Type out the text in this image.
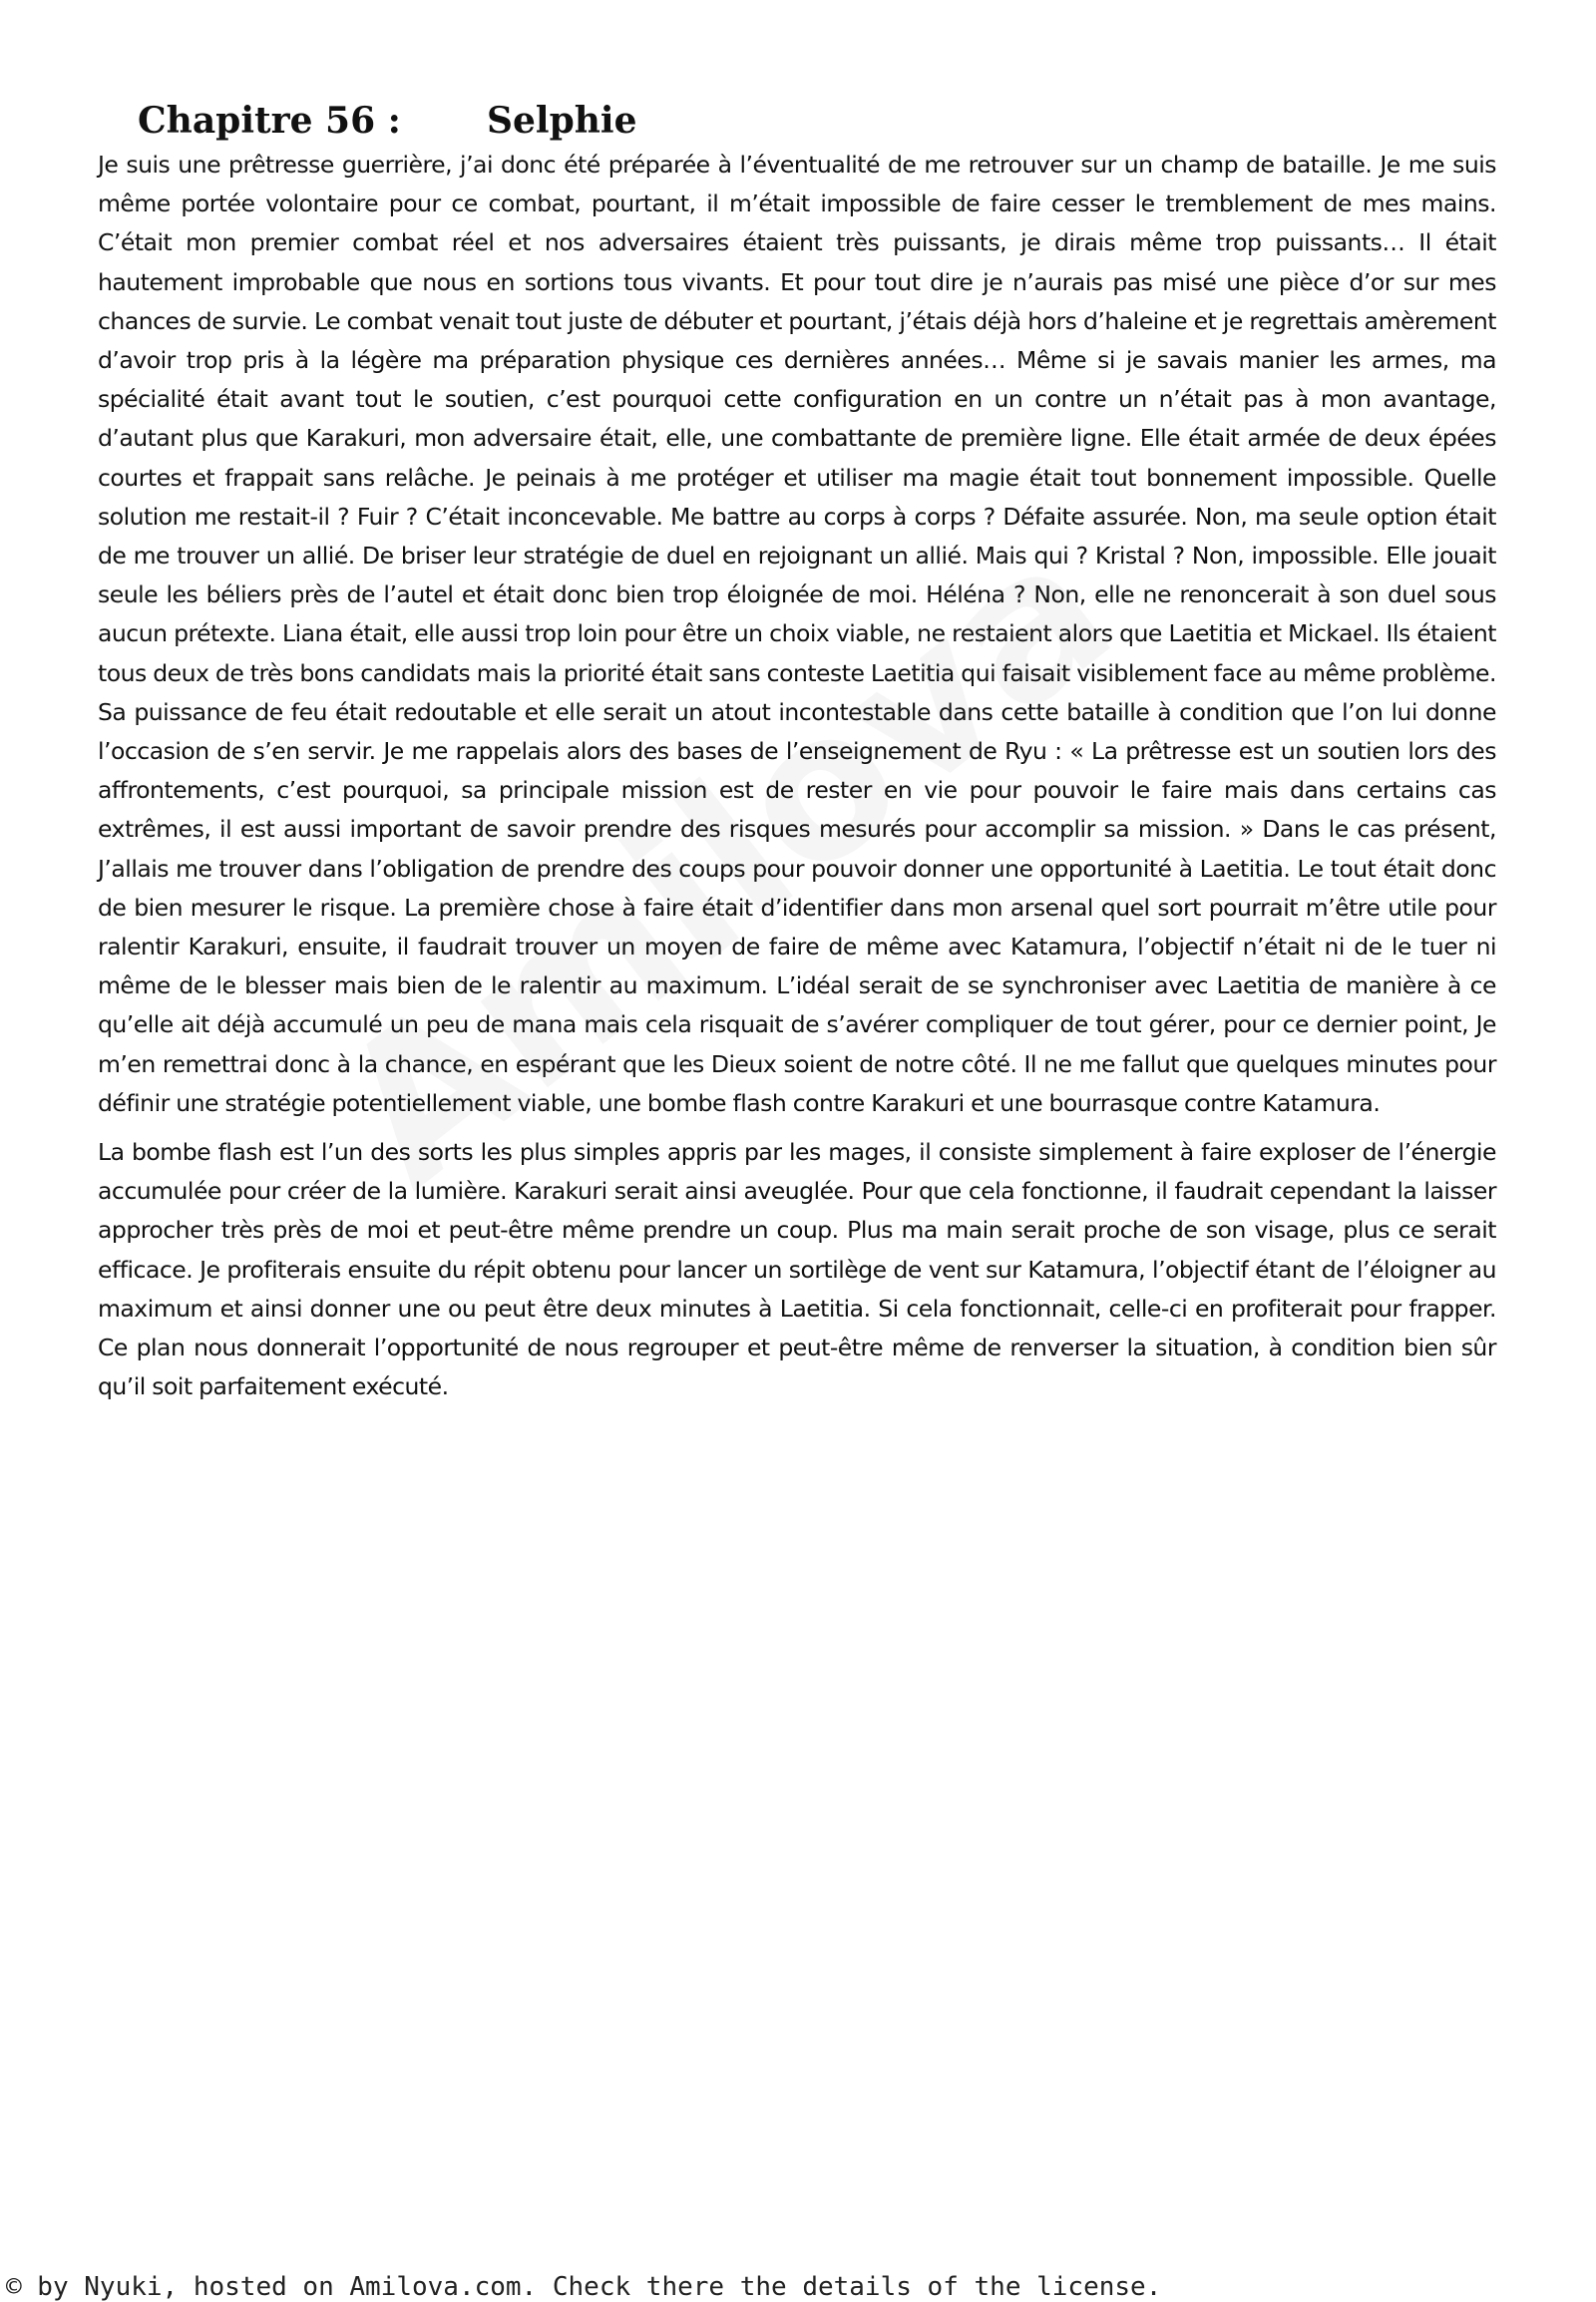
Chapitre 56 : Selphie

Je suis une prêtresse guerrière, j’ai donc été préparée à l’éventualité de me retrouver sur un champ de bataille. Je me suis même portée volontaire pour ce combat, pourtant, il m’était impossible de faire cesser le tremblement de mes mains. C’était mon premier combat réel et nos adversaires étaient très puissants, je dirais même trop puissants… Il était hautement improbable que nous en sortions tous vivants. Et pour tout dire je n’aurais pas misé une pièce d’or sur mes chances de survie. Le combat venait tout juste de débuter et pourtant, j’étais déjà hors d’haleine et je regrettais amèrement d’avoir trop pris à la légère ma préparation physique ces dernières années… Même si je savais manier les armes, ma spécialité était avant tout le soutien, c’est pourquoi cette configuration en un contre un n’était pas à mon avantage, d’autant plus que Karakuri, mon adversaire était, elle, une combattante de première ligne. Elle était armée de deux épées courtes et frappait sans relâche. Je peinais à me protéger et utiliser ma magie était tout bonnement impossible. Quelle solution me restait-il ? Fuir ? C’était inconcevable. Me battre au corps à corps ? Défaite assurée. Non, ma seule option était de me trouver un allié. De briser leur stratégie de duel en rejoignant un allié. Mais qui ? Kristal ? Non, impossible. Elle jouait seule les béliers près de l’autel et était donc bien trop éloignée de moi. Héléna ? Non, elle ne renoncerait à son duel sous aucun prétexte. Liana était, elle aussi trop loin pour être un choix viable, ne restaient alors que Laetitia et Mickael. Ils étaient tous deux de très bons candidats mais la priorité était sans conteste Laetitia qui faisait visiblement face au même problème. Sa puissance de feu était redoutable et elle serait un atout incontestable dans cette bataille à condition que l’on lui donne l’occasion de s’en servir. Je me rappelais alors des bases de l’enseignement de Ryu : « La prêtresse est un soutien lors des affrontements, c’est pourquoi, sa principale mission est de rester en vie pour pouvoir le faire mais dans certains cas extrêmes, il est aussi important de savoir prendre des risques mesurés pour accomplir sa mission. » Dans le cas présent, J’allais me trouver dans l’obligation de prendre des coups pour pouvoir donner une opportunité à Laetitia. Le tout était donc de bien mesurer le risque. La première chose à faire était d’identifier dans mon arsenal quel sort pourrait m’être utile pour ralentir Karakuri, ensuite, il faudrait trouver un moyen de faire de même avec Katamura, l’objectif n’était ni de le tuer ni même de le blesser mais bien de le ralentir au maximum. L’idéal serait de se synchroniser avec Laetitia de manière à ce qu’elle ait déjà accumulé un peu de mana mais cela risquait de s’avérer compliquer de tout gérer, pour ce dernier point, Je m’en remettrai donc à la chance, en espérant que les Dieux soient de notre côté. Il ne me fallut que quelques minutes pour définir une stratégie potentiellement viable, une bombe flash contre Karakuri et une bourrasque contre Katamura.

La bombe flash est l’un des sorts les plus simples appris par les mages, il consiste simplement à faire exploser de l’énergie accumulée pour créer de la lumière. Karakuri serait ainsi aveuglée. Pour que cela fonctionne, il faudrait cependant la laisser approcher très près de moi et peut-être même prendre un coup. Plus ma main serait proche de son visage, plus ce serait efficace. Je profiterais ensuite du répit obtenu pour lancer un sortilège de vent sur Katamura, l’objectif étant de l’éloigner au maximum et ainsi donner une ou peut être deux minutes à Laetitia. Si cela fonctionnait, celle-ci en profiterait pour frapper. Ce plan nous donnerait l’opportunité de nous regrouper et peut-être même de renverser la situation, à condition bien sûr qu’il soit parfaitement exécuté.

© by Nyuki, hosted on Amilova.com. Check there the details of the license.
